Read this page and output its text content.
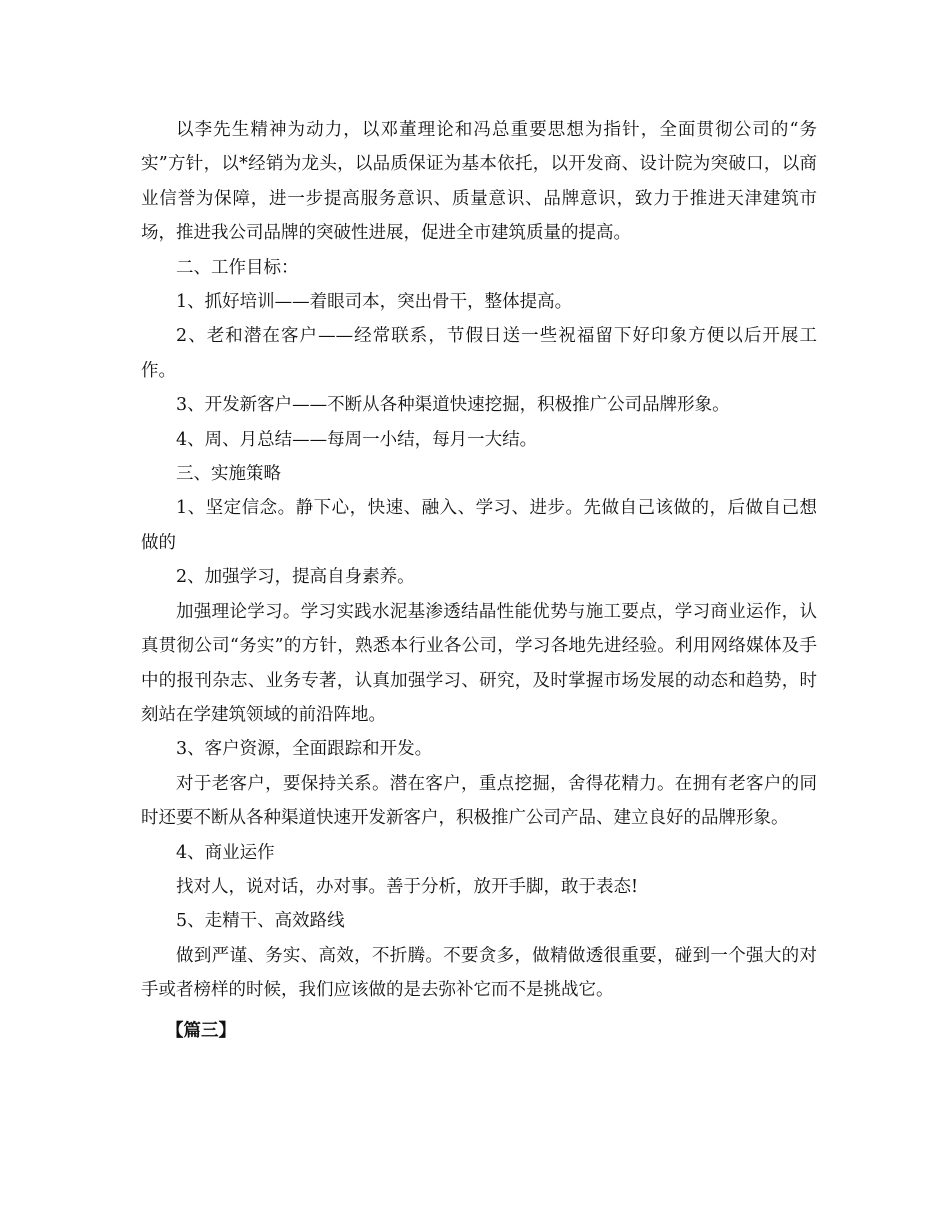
以李先生精神为动力，以邓董理论和冯总重要思想为指针，全面贯彻公司的“务实”方针，以*经销为龙头，以品质保证为基本依托，以开发商、设计院为突破口，以商业信誉为保障，进一步提高服务意识、质量意识、品牌意识，致力于推进天津建筑市场，推进我公司品牌的突破性进展，促进全市建筑质量的提高。

二、工作目标：

1、抓好培训——着眼司本，突出骨干，整体提高。

2、老和潜在客户——经常联系，节假日送一些祝福留下好印象方便以后开展工作。

3、开发新客户——不断从各种渠道快速挖掘，积极推广公司品牌形象。

4、周、月总结——每周一小结，每月一大结。

三、实施策略

1、坚定信念。静下心，快速、融入、学习、进步。先做自己该做的，后做自己想做的

2、加强学习，提高自身素养。

加强理论学习。学习实践水泥基渗透结晶性能优势与施工要点，学习商业运作，认真贯彻公司“务实”的方针，熟悉本行业各公司，学习各地先进经验。利用网络媒体及手中的报刊杂志、业务专著，认真加强学习、研究，及时掌握市场发展的动态和趋势，时刻站在学建筑领域的前沿阵地。

3、客户资源，全面跟踪和开发。

对于老客户，要保持关系。潜在客户，重点挖掘，舍得花精力。在拥有老客户的同时还要不断从各种渠道快速开发新客户，积极推广公司产品、建立良好的品牌形象。

4、商业运作

找对人，说对话，办对事。善于分析，放开手脚，敢于表态!

5、走精干、高效路线

做到严谨、务实、高效，不折腾。不要贪多，做精做透很重要，碰到一个强大的对手或者榜样的时候，我们应该做的是去弥补它而不是挑战它。

【篇三】
